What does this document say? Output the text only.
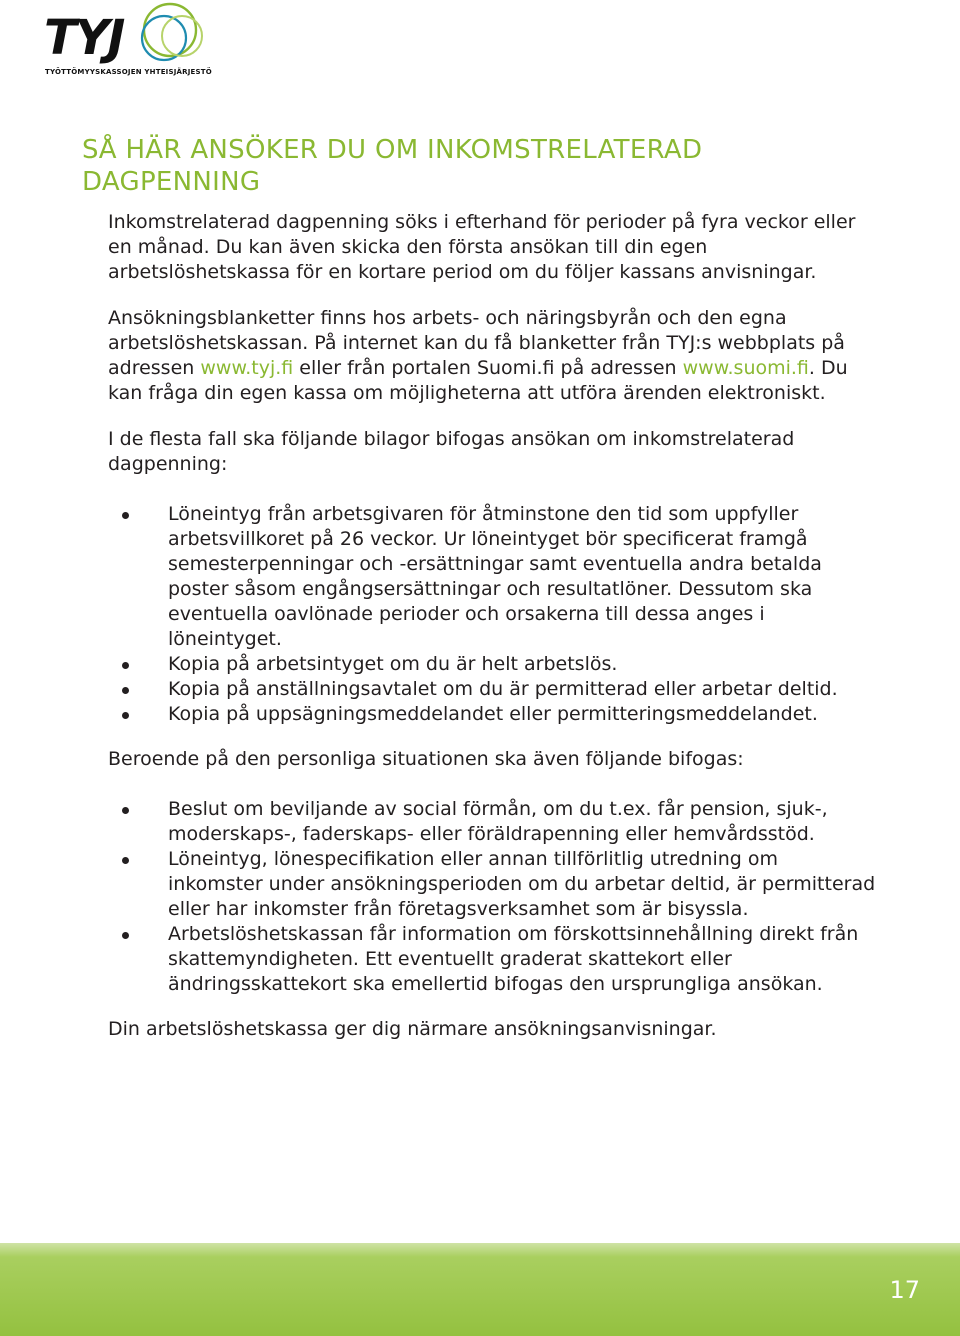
TYJ
TYÖTTÖMYYSKASSOJEN YHTEISJÄRJESTÖ
SÅ HÄR ANSÖKER DU OM INKOMSTRELATERAD DAGPENNING

Inkomstrelaterad dagpenning söks i efterhand för perioder på fyra veckor eller en månad. Du kan även skicka den första ansökan till din egen arbetslöshetskassa för en kortare period om du följer kassans anvisningar.

Ansökningsblanketter finns hos arbets- och näringsbyrån och den egna arbetslöshetskassan. På internet kan du få blanketter från TYJ:s webbplats på adressen www.tyj.fi eller från portalen Suomi.fi på adressen www.suomi.fi. Du kan fråga din egen kassa om möjligheterna att utföra ärenden elektroniskt.

I de flesta fall ska följande bilagor bifogas ansökan om inkomstrelaterad dagpenning:

Löneintyg från arbetsgivaren för åtminstone den tid som uppfyller arbetsvillkoret på 26 veckor. Ur löneintyget bör specificerat framgå semesterpenningar och -ersättningar samt eventuella andra betalda poster såsom engångsersättningar och resultatlöner. Dessutom ska eventuella oavlönade perioder och orsakerna till dessa anges i löneintyget.
Kopia på arbetsintyget om du är helt arbetslös.
Kopia på anställningsavtalet om du är permitterad eller arbetar deltid.
Kopia på uppsägningsmeddelandet eller permitteringsmeddelandet.

Beroende på den personliga situationen ska även följande bifogas:

Beslut om beviljande av social förmån, om du t.ex. får pension, sjuk-, moderskaps-, faderskaps- eller föräldrapenning eller hemvårdsstöd.
Löneintyg, lönespecifikation eller annan tillförlitlig utredning om inkomster under ansökningsperioden om du arbetar deltid, är permitterad eller har inkomster från företagsverksamhet som är bisyssla.
Arbetslöshetskassan får information om förskottsinnehållning direkt från skattemyndigheten. Ett eventuellt graderat skattekort eller ändringsskattekort ska emellertid bifogas den ursprungliga ansökan.

Din arbetslöshetskassa ger dig närmare ansökningsanvisningar.

17
